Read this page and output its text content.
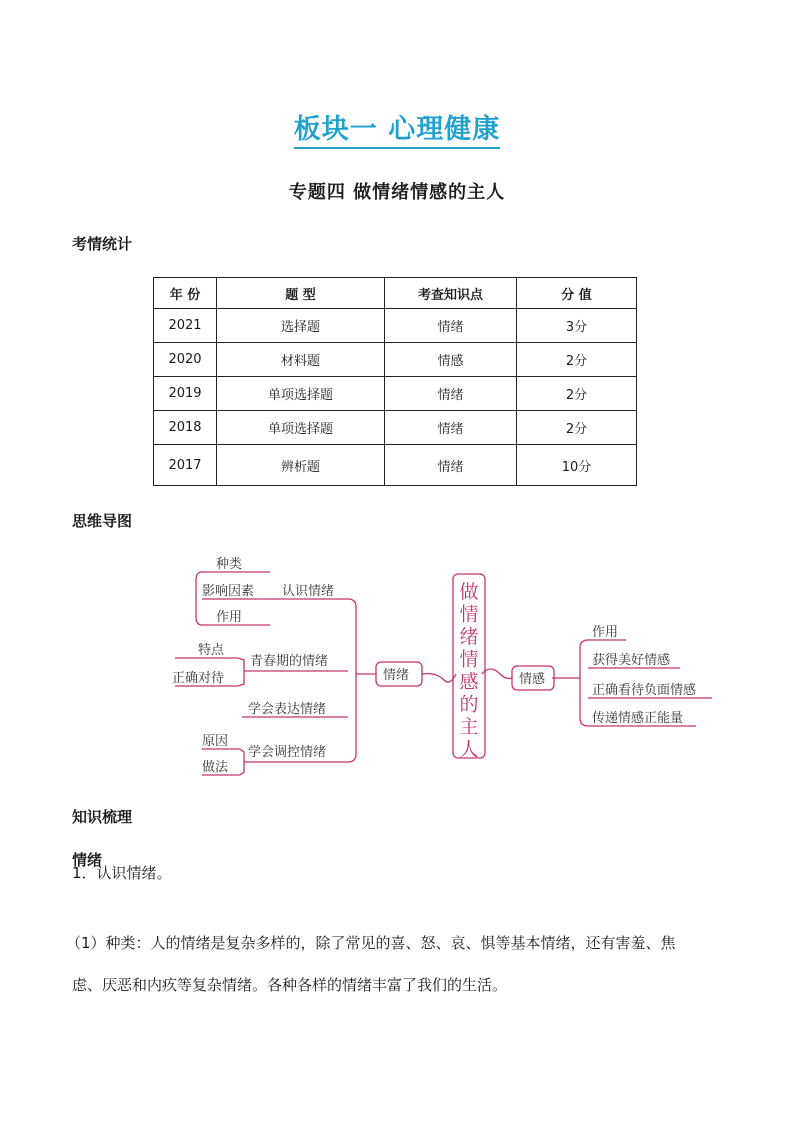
板块一 心理健康
专题四 做情绪情感的主人
考情统计
年 份	题 型	考查知识点	分 值
2021	选择题	情绪	3分
2020	材料题	情感	2分
2019	单项选择题	情绪	2分
2018	单项选择题	情绪	2分
2017	辨析题	情绪	10分
思维导图
种类
影响因素
作用
认识情绪
特点
正确对待
青春期的情绪
学会表达情绪
原因
做法
学会调控情绪
情绪	情感
做情绪情感的主人
作用
获得美好情感
正确看待负面情感
传递情感正能量
知识梳理
情绪
1．认识情绪。
（1）种类：人的情绪是复杂多样的，除了常见的喜、怒、哀、惧等基本情绪，还有害羞、焦
虑、厌恶和内疚等复杂情绪。各种各样的情绪丰富了我们的生活。
